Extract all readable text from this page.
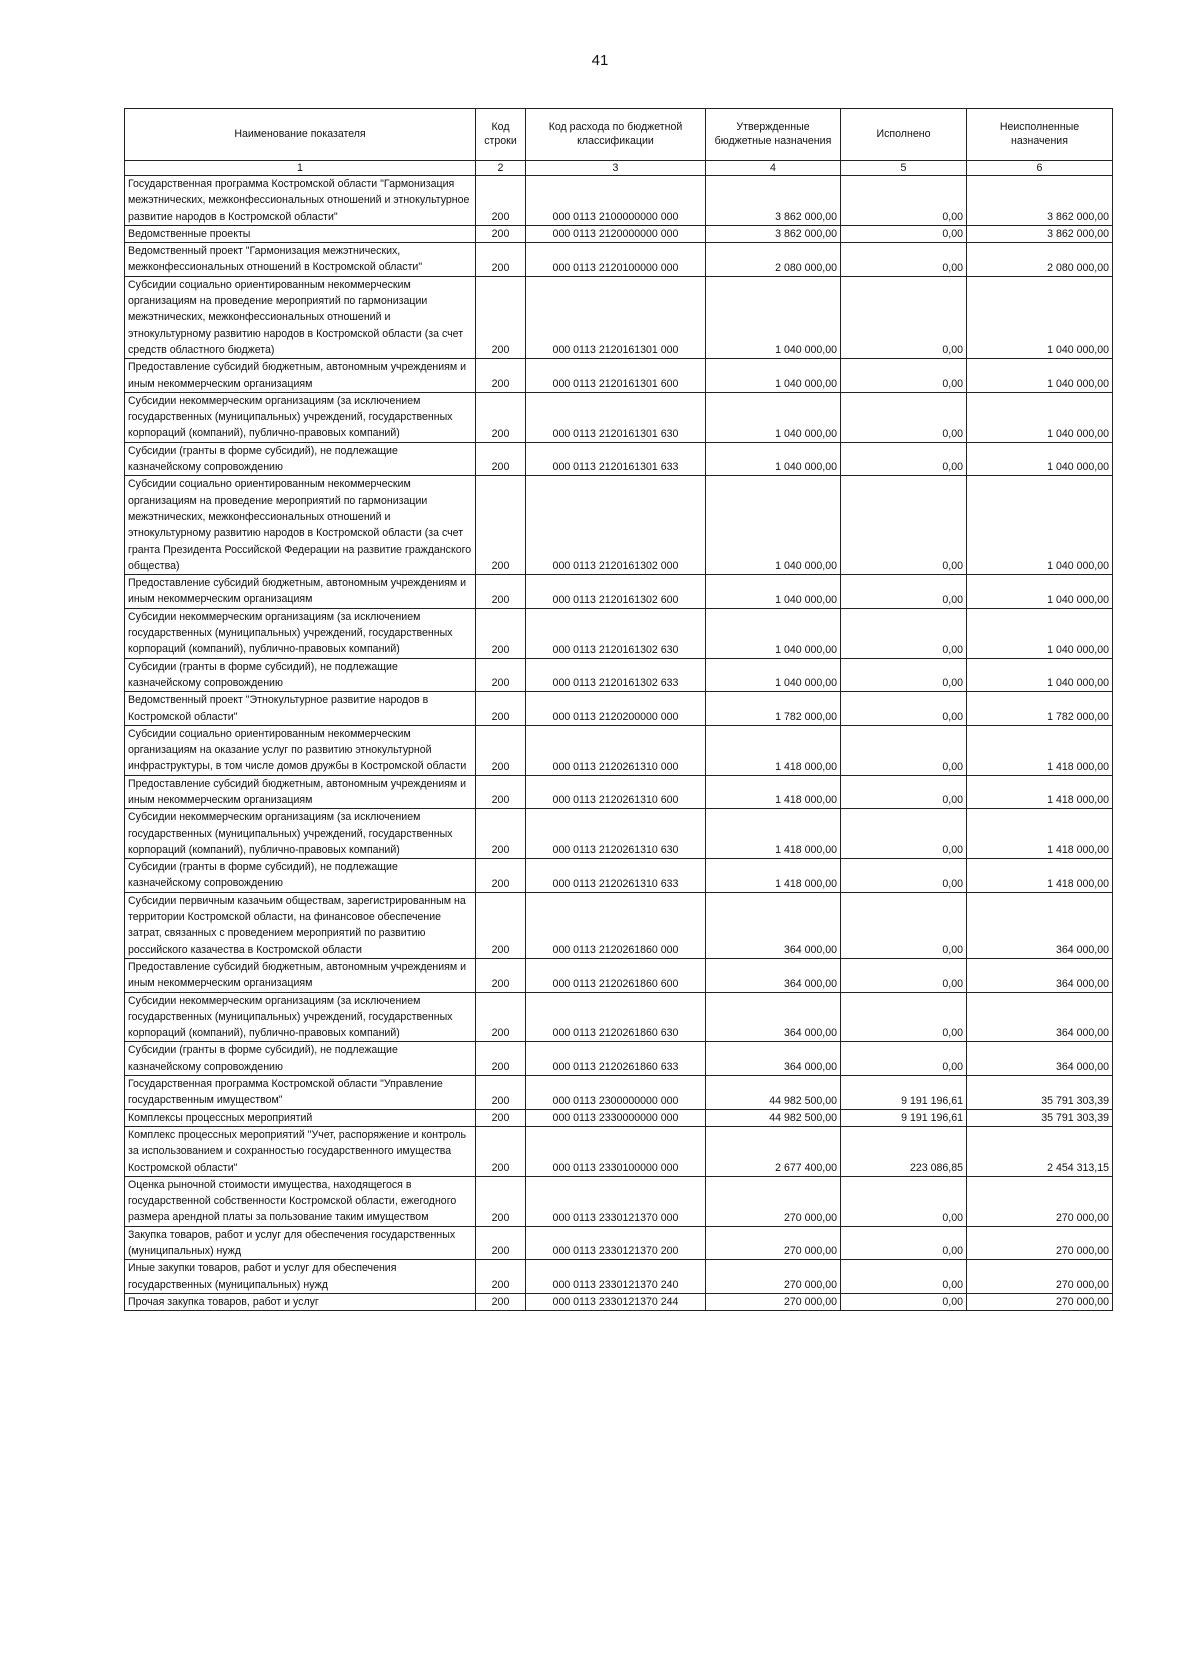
41
Наименование показателя	Код строки	Код расхода по бюджетной классификации	Утвержденные бюджетные назначения	Исполнено	Неисполненные назначения
1	2	3	4	5	6
Государственная программа Костромской области "Гармонизация межэтнических, межконфессиональных отношений и этнокультурное развитие народов в Костромской области"	200	000 0113 2100000000 000	3 862 000,00	0,00	3 862 000,00
Ведомственные проекты	200	000 0113 2120000000 000	3 862 000,00	0,00	3 862 000,00
Ведомственный проект "Гармонизация межэтнических, межконфессиональных отношений в Костромской области"	200	000 0113 2120100000 000	2 080 000,00	0,00	2 080 000,00
Субсидии социально ориентированным некоммерческим организациям на проведение мероприятий по гармонизации межэтнических, межконфессиональных отношений и этнокультурному развитию народов в Костромской области (за счет средств областного бюджета)	200	000 0113 2120161301 000	1 040 000,00	0,00	1 040 000,00
Предоставление субсидий бюджетным, автономным учреждениям и иным некоммерческим организациям	200	000 0113 2120161301 600	1 040 000,00	0,00	1 040 000,00
Субсидии некоммерческим организациям (за исключением государственных (муниципальных) учреждений, государственных корпораций (компаний), публично-правовых компаний)	200	000 0113 2120161301 630	1 040 000,00	0,00	1 040 000,00
Субсидии (гранты в форме субсидий), не подлежащие казначейскому сопровождению	200	000 0113 2120161301 633	1 040 000,00	0,00	1 040 000,00
Субсидии социально ориентированным некоммерческим организациям на проведение мероприятий по гармонизации межэтнических, межконфессиональных отношений и этнокультурному развитию народов в Костромской области (за счет гранта Президента Российской Федерации на развитие гражданского общества)	200	000 0113 2120161302 000	1 040 000,00	0,00	1 040 000,00
Предоставление субсидий бюджетным, автономным учреждениям и иным некоммерческим организациям	200	000 0113 2120161302 600	1 040 000,00	0,00	1 040 000,00
Субсидии некоммерческим организациям (за исключением государственных (муниципальных) учреждений, государственных корпораций (компаний), публично-правовых компаний)	200	000 0113 2120161302 630	1 040 000,00	0,00	1 040 000,00
Субсидии (гранты в форме субсидий), не подлежащие казначейскому сопровождению	200	000 0113 2120161302 633	1 040 000,00	0,00	1 040 000,00
Ведомственный проект "Этнокультурное развитие народов в Костромской области"	200	000 0113 2120200000 000	1 782 000,00	0,00	1 782 000,00
Субсидии социально ориентированным некоммерческим организациям на оказание услуг по развитию этнокультурной инфраструктуры, в том числе домов дружбы в Костромской области	200	000 0113 2120261310 000	1 418 000,00	0,00	1 418 000,00
Предоставление субсидий бюджетным, автономным учреждениям и иным некоммерческим организациям	200	000 0113 2120261310 600	1 418 000,00	0,00	1 418 000,00
Субсидии некоммерческим организациям (за исключением государственных (муниципальных) учреждений, государственных корпораций (компаний), публично-правовых компаний)	200	000 0113 2120261310 630	1 418 000,00	0,00	1 418 000,00
Субсидии (гранты в форме субсидий), не подлежащие казначейскому сопровождению	200	000 0113 2120261310 633	1 418 000,00	0,00	1 418 000,00
Субсидии первичным казачьим обществам, зарегистрированным на территории Костромской области, на финансовое обеспечение затрат, связанных с проведением мероприятий по развитию российского казачества в Костромской области	200	000 0113 2120261860 000	364 000,00	0,00	364 000,00
Предоставление субсидий бюджетным, автономным учреждениям и иным некоммерческим организациям	200	000 0113 2120261860 600	364 000,00	0,00	364 000,00
Субсидии некоммерческим организациям (за исключением государственных (муниципальных) учреждений, государственных корпораций (компаний), публично-правовых компаний)	200	000 0113 2120261860 630	364 000,00	0,00	364 000,00
Субсидии (гранты в форме субсидий), не подлежащие казначейскому сопровождению	200	000 0113 2120261860 633	364 000,00	0,00	364 000,00
Государственная программа Костромской области "Управление государственным имуществом"	200	000 0113 2300000000 000	44 982 500,00	9 191 196,61	35 791 303,39
Комплексы процессных мероприятий	200	000 0113 2330000000 000	44 982 500,00	9 191 196,61	35 791 303,39
Комплекс процессных мероприятий "Учет, распоряжение и контроль за использованием и сохранностью государственного имущества Костромской области"	200	000 0113 2330100000 000	2 677 400,00	223 086,85	2 454 313,15
Оценка рыночной стоимости имущества, находящегося в государственной собственности Костромской области, ежегодного размера арендной платы за пользование таким имуществом	200	000 0113 2330121370 000	270 000,00	0,00	270 000,00
Закупка товаров, работ и услуг для обеспечения государственных (муниципальных) нужд	200	000 0113 2330121370 200	270 000,00	0,00	270 000,00
Иные закупки товаров, работ и услуг для обеспечения государственных (муниципальных) нужд	200	000 0113 2330121370 240	270 000,00	0,00	270 000,00
Прочая закупка товаров, работ и услуг	200	000 0113 2330121370 244	270 000,00	0,00	270 000,00
